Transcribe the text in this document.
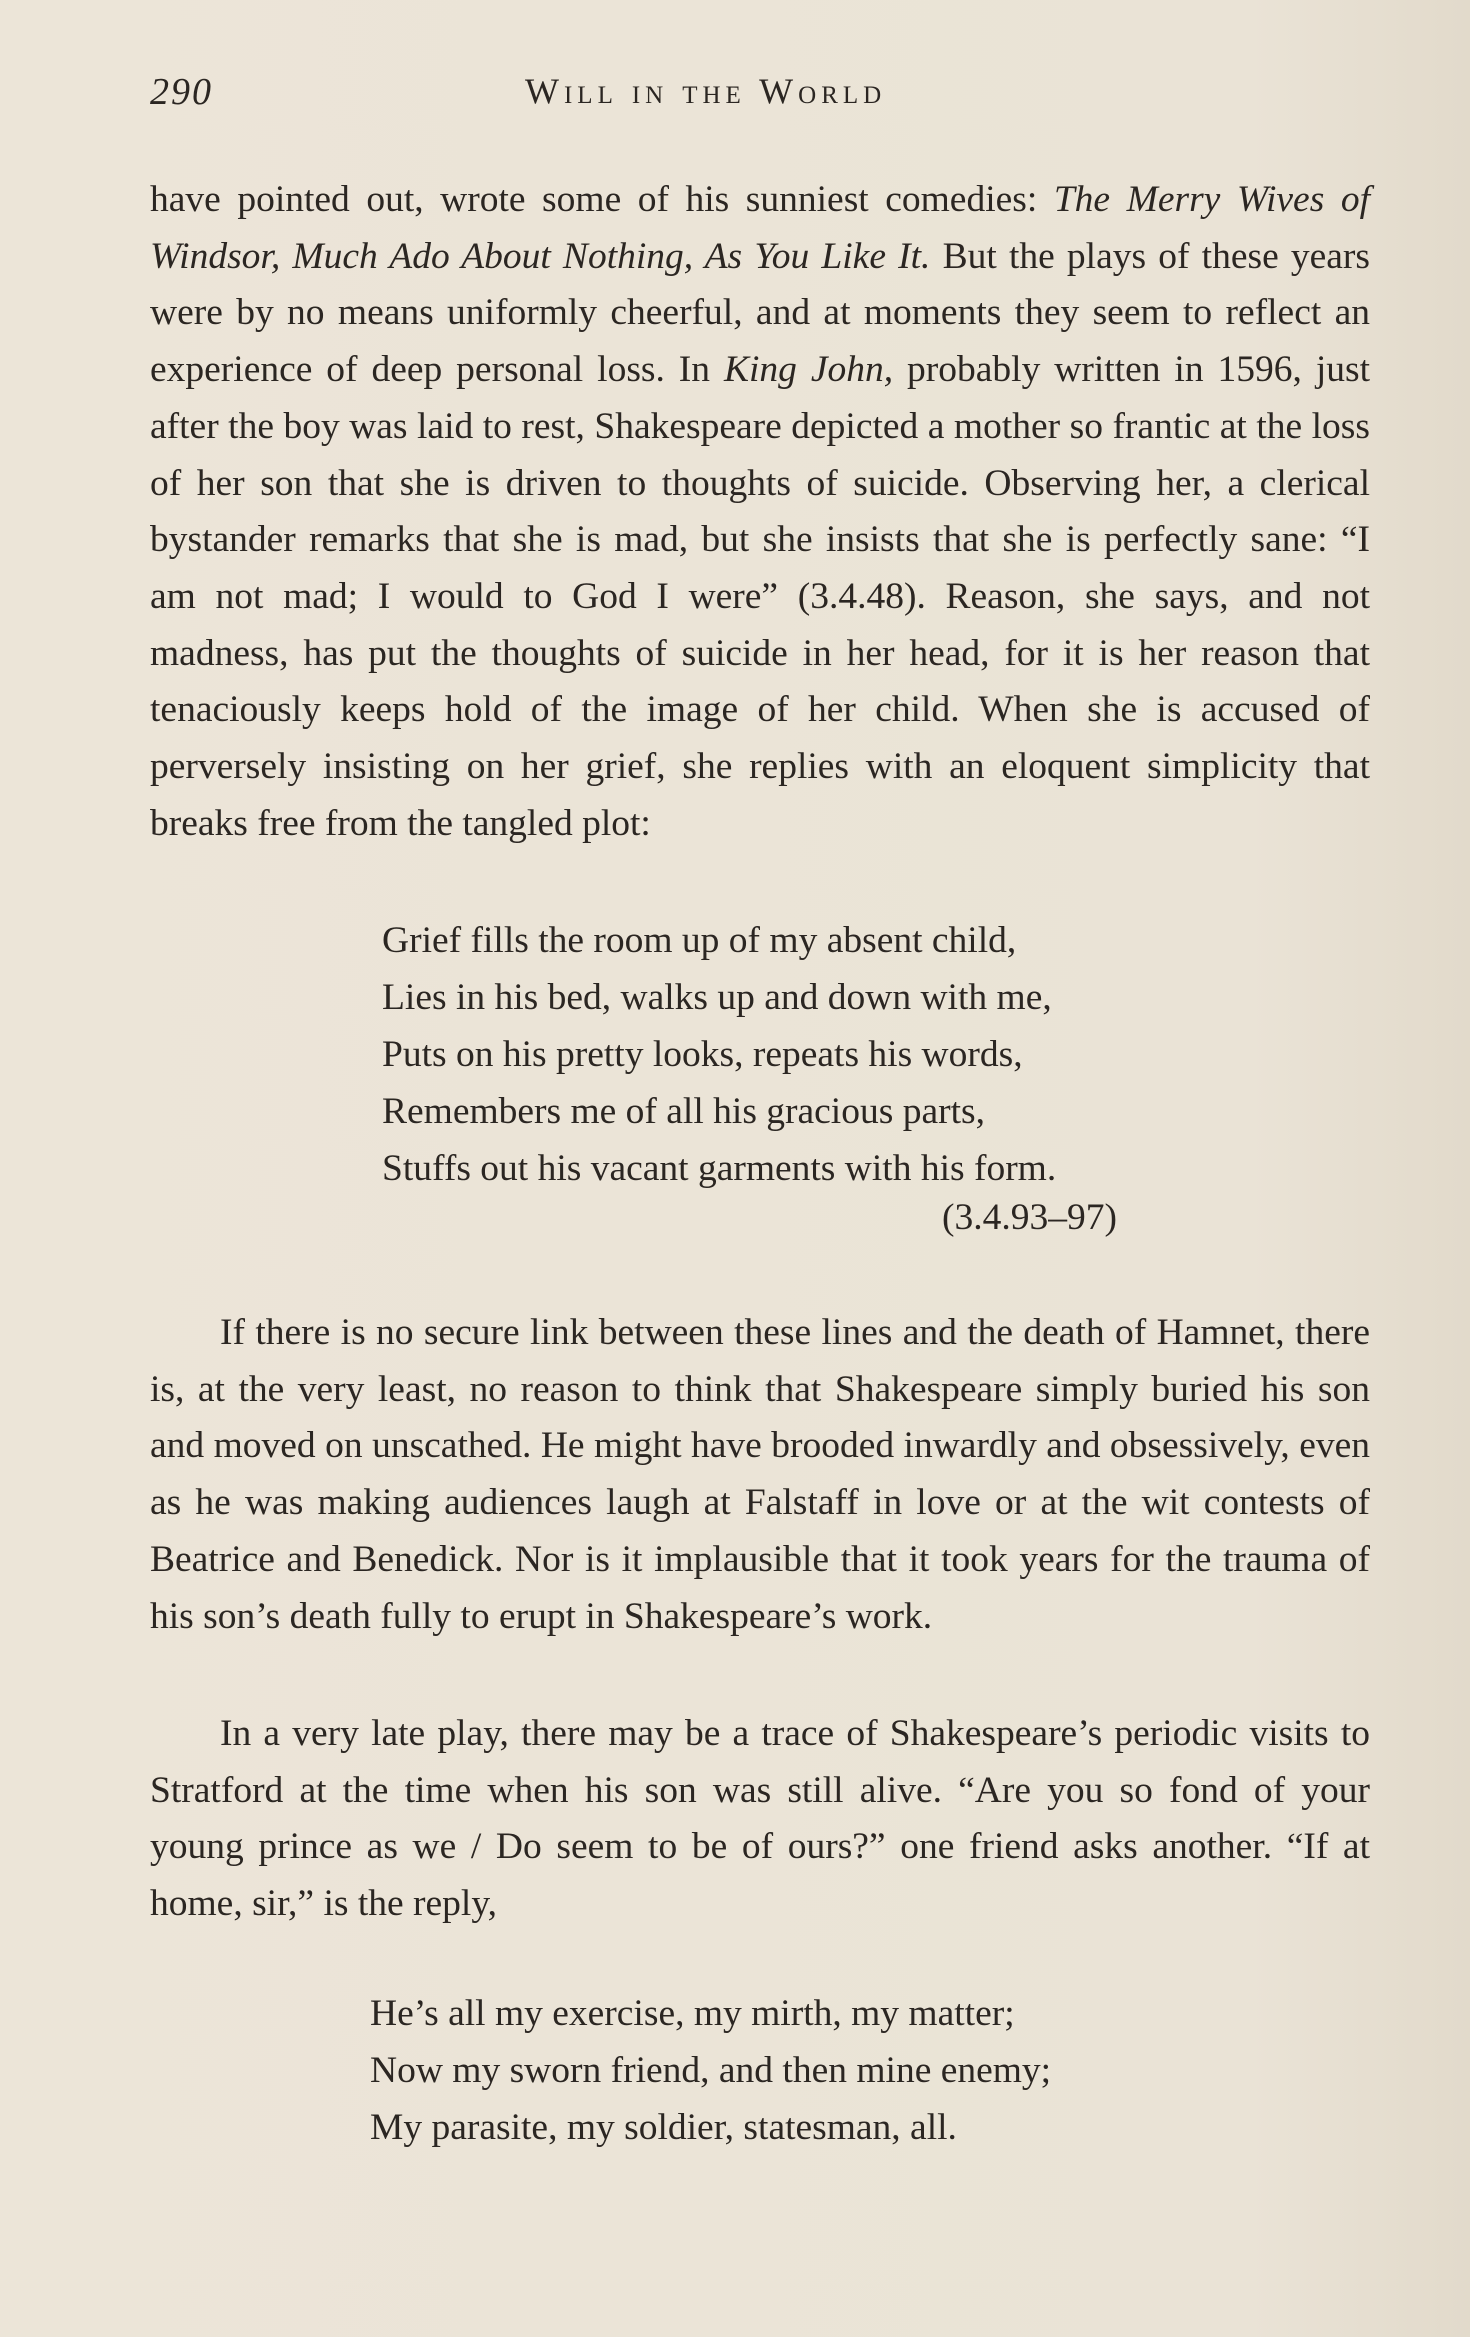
290	Will in the World

have pointed out, wrote some of his sunniest comedies: The Merry Wives of Windsor, Much Ado About Nothing, As You Like It. But the plays of these years were by no means uniformly cheerful, and at moments they seem to reflect an experience of deep personal loss. In King John, probably written in 1596, just after the boy was laid to rest, Shakespeare depicted a mother so frantic at the loss of her son that she is driven to thoughts of suicide. Observing her, a clerical bystander remarks that she is mad, but she insists that she is perfectly sane: “I am not mad; I would to God I were” (3.4.48). Reason, she says, and not madness, has put the thoughts of suicide in her head, for it is her reason that tenaciously keeps hold of the image of her child. When she is accused of perversely insisting on her grief, she replies with an eloquent simplicity that breaks free from the tangled plot:

Grief fills the room up of my absent child,
Lies in his bed, walks up and down with me,
Puts on his pretty looks, repeats his words,
Remembers me of all his gracious parts,
Stuffs out his vacant garments with his form.
(3.4.93–97)

If there is no secure link between these lines and the death of Hamnet, there is, at the very least, no reason to think that Shakespeare simply buried his son and moved on unscathed. He might have brooded inwardly and obsessively, even as he was making audiences laugh at Falstaff in love or at the wit contests of Beatrice and Benedick. Nor is it implausible that it took years for the trauma of his son’s death fully to erupt in Shakespeare’s work.

In a very late play, there may be a trace of Shakespeare’s periodic visits to Stratford at the time when his son was still alive. “Are you so fond of your young prince as we / Do seem to be of ours?” one friend asks another. “If at home, sir,” is the reply,

He’s all my exercise, my mirth, my matter;
Now my sworn friend, and then mine enemy;
My parasite, my soldier, statesman, all.
